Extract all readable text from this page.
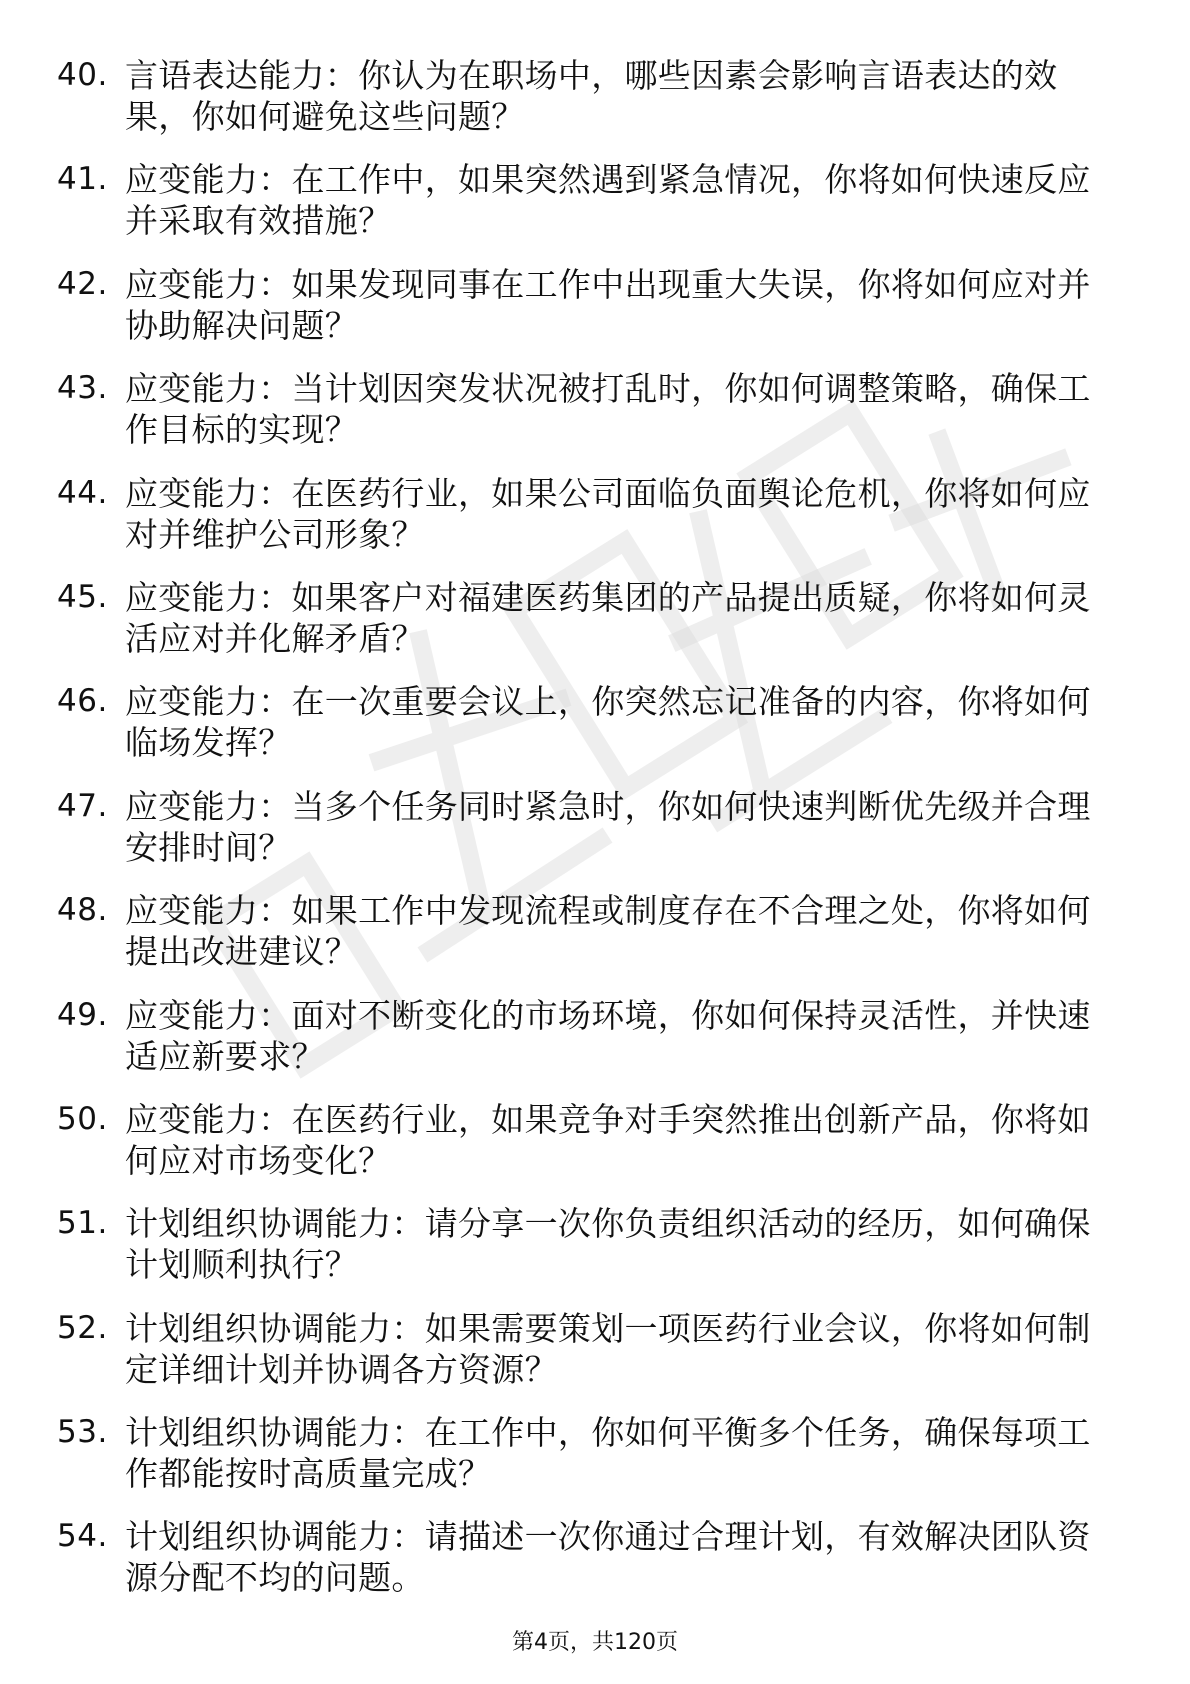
40. 言语表达能力：你认为在职场中，哪些因素会影响言语表达的效果，你如何避免这些问题？
41. 应变能力：在工作中，如果突然遇到紧急情况，你将如何快速反应并采取有效措施？
42. 应变能力：如果发现同事在工作中出现重大失误，你将如何应对并协助解决问题？
43. 应变能力：当计划因突发状况被打乱时，你如何调整策略，确保工作目标的实现？
44. 应变能力：在医药行业，如果公司面临负面舆论危机，你将如何应对并维护公司形象？
45. 应变能力：如果客户对福建医药集团的产品提出质疑，你将如何灵活应对并化解矛盾？
46. 应变能力：在一次重要会议上，你突然忘记准备的内容，你将如何临场发挥？
47. 应变能力：当多个任务同时紧急时，你如何快速判断优先级并合理安排时间？
48. 应变能力：如果工作中发现流程或制度存在不合理之处，你将如何提出改进建议？
49. 应变能力：面对不断变化的市场环境，你如何保持灵活性，并快速适应新要求？
50. 应变能力：在医药行业，如果竞争对手突然推出创新产品，你将如何应对市场变化？
51. 计划组织协调能力：请分享一次你负责组织活动的经历，如何确保计划顺利执行？
52. 计划组织协调能力：如果需要策划一项医药行业会议，你将如何制定详细计划并协调各方资源？
53. 计划组织协调能力：在工作中，你如何平衡多个任务，确保每项工作都能按时高质量完成？
54. 计划组织协调能力：请描述一次你通过合理计划，有效解决团队资源分配不均的问题。
第4页，共120页
